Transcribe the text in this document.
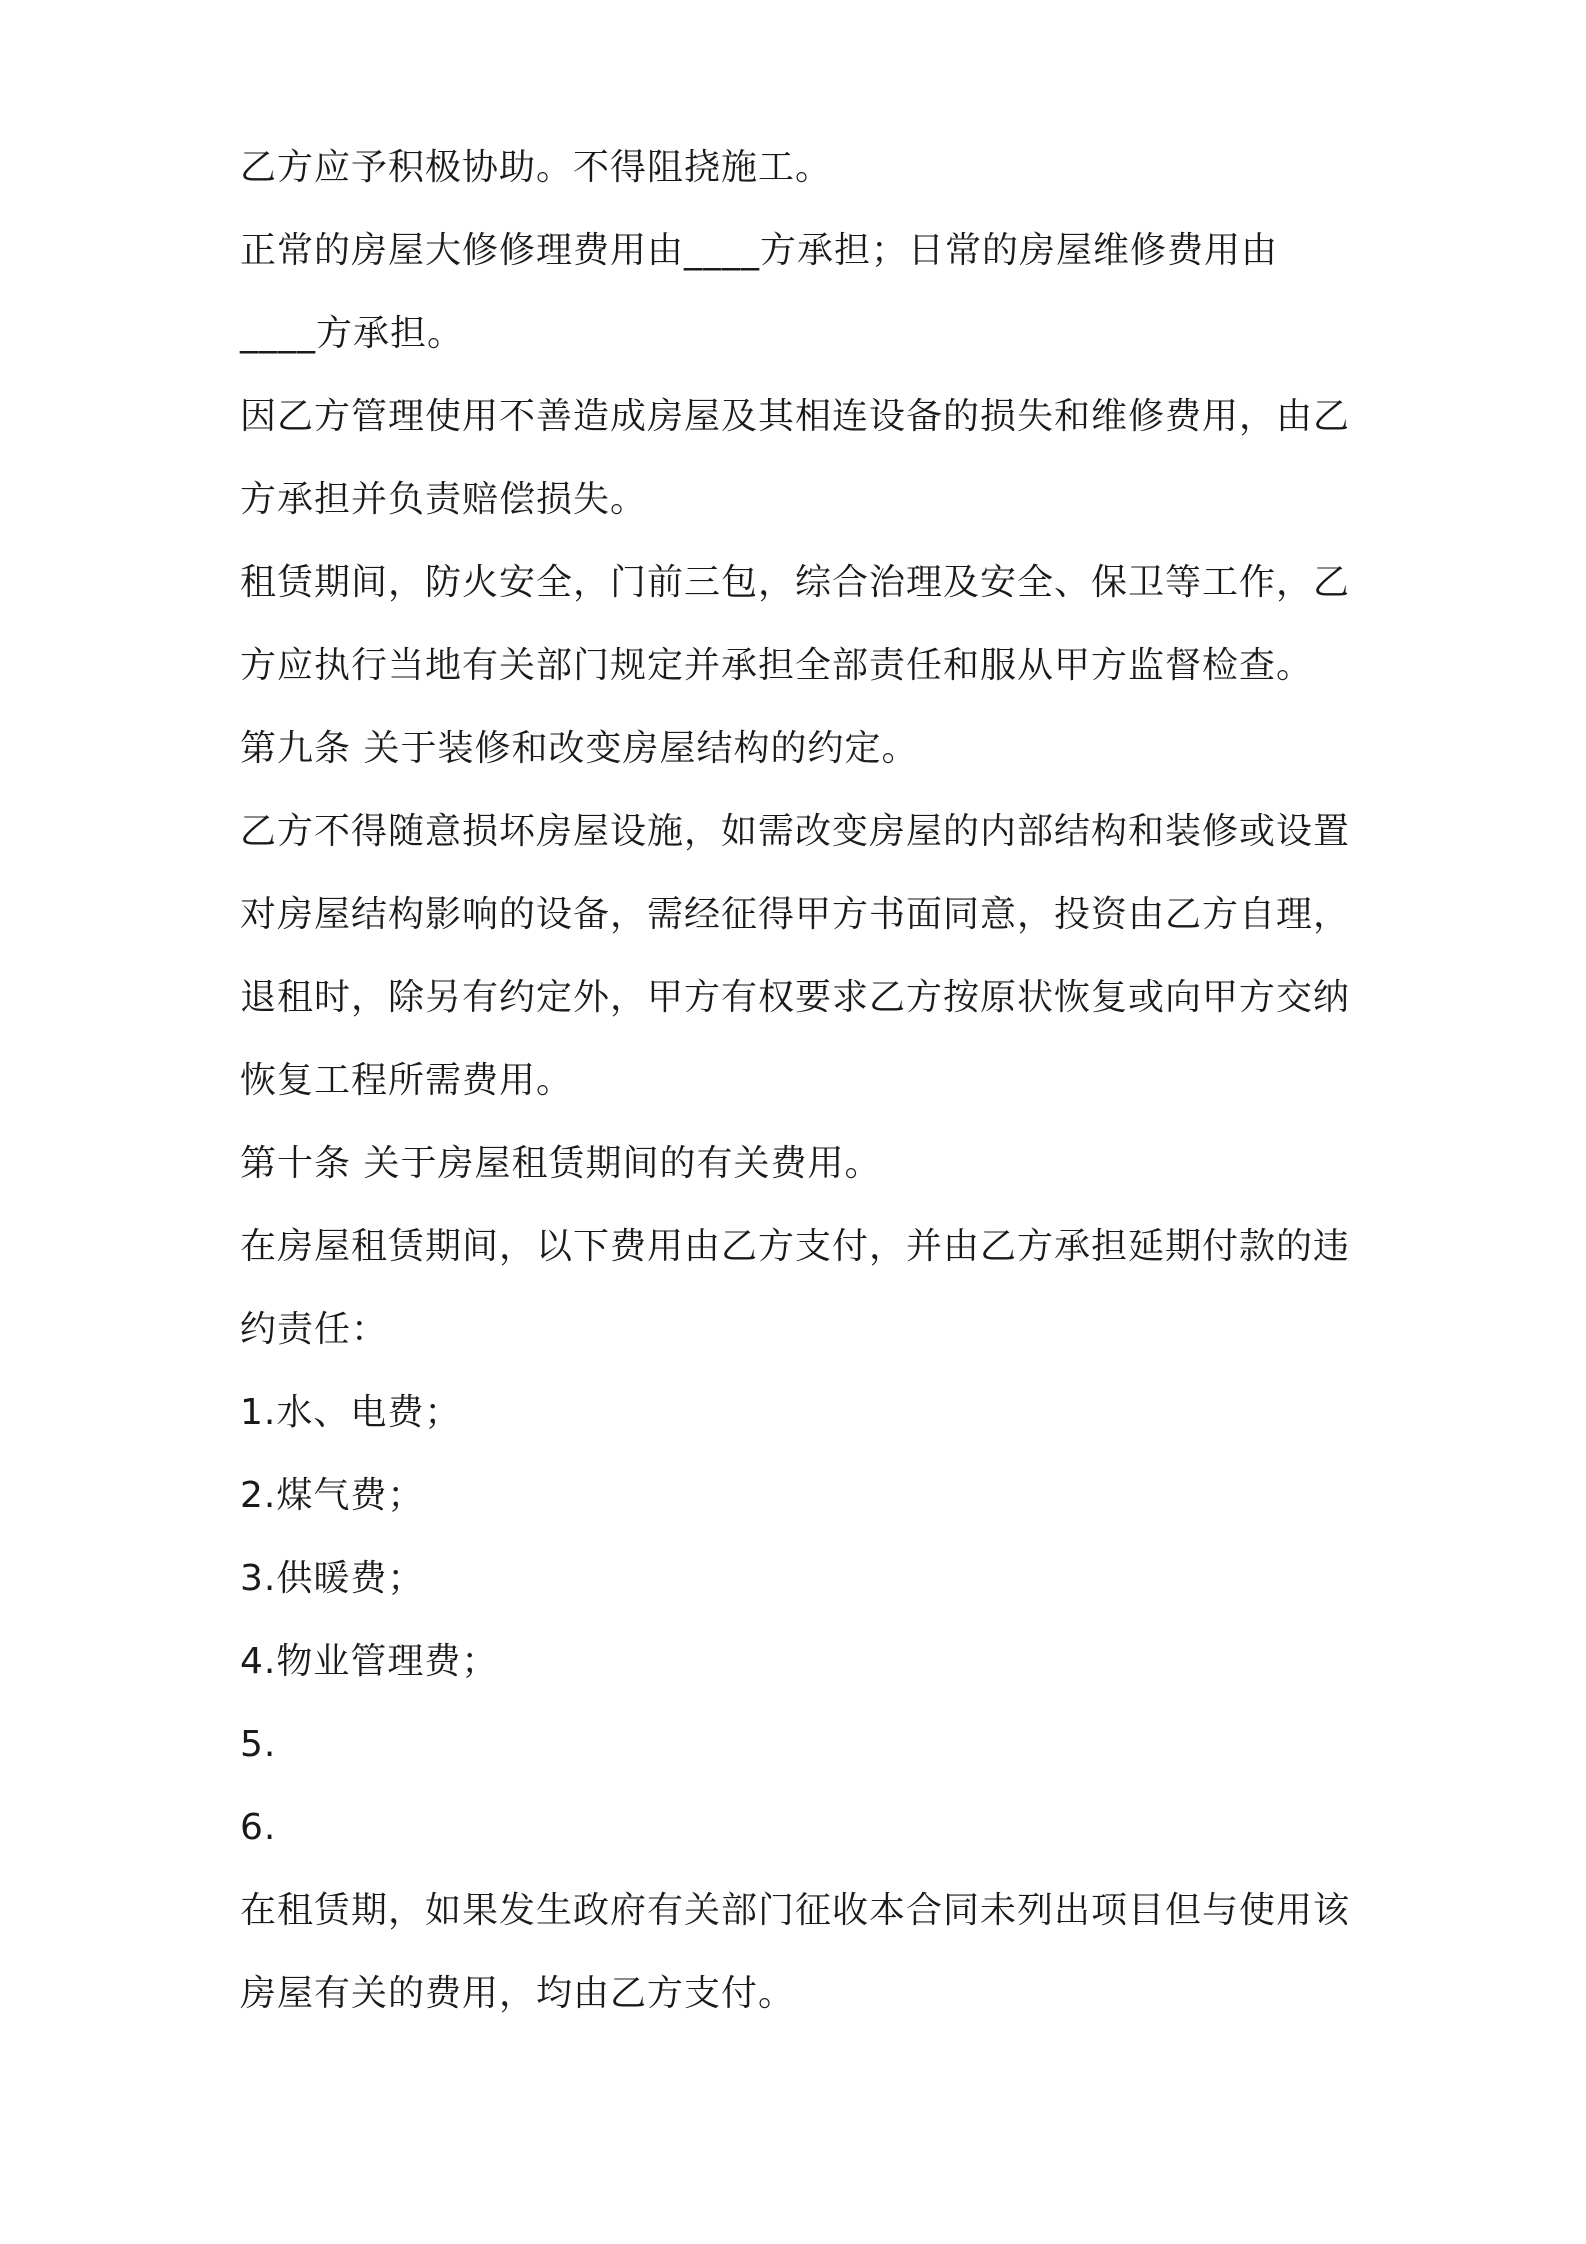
乙方应予积极协助。不得阻挠施工。
正常的房屋大修修理费用由____方承担；日常的房屋维修费用由
____方承担。
因乙方管理使用不善造成房屋及其相连设备的损失和维修费用，由乙
方承担并负责赔偿损失。
租赁期间，防火安全，门前三包，综合治理及安全、保卫等工作，乙
方应执行当地有关部门规定并承担全部责任和服从甲方监督检查。
第九条 关于装修和改变房屋结构的约定。
乙方不得随意损坏房屋设施，如需改变房屋的内部结构和装修或设置
对房屋结构影响的设备，需经征得甲方书面同意，投资由乙方自理，
退租时，除另有约定外，甲方有权要求乙方按原状恢复或向甲方交纳
恢复工程所需费用。
第十条 关于房屋租赁期间的有关费用。
在房屋租赁期间，以下费用由乙方支付，并由乙方承担延期付款的违
约责任：
1.水、电费；
2.煤气费；
3.供暖费；
4.物业管理费；
5.
6.
在租赁期，如果发生政府有关部门征收本合同未列出项目但与使用该
房屋有关的费用，均由乙方支付。
